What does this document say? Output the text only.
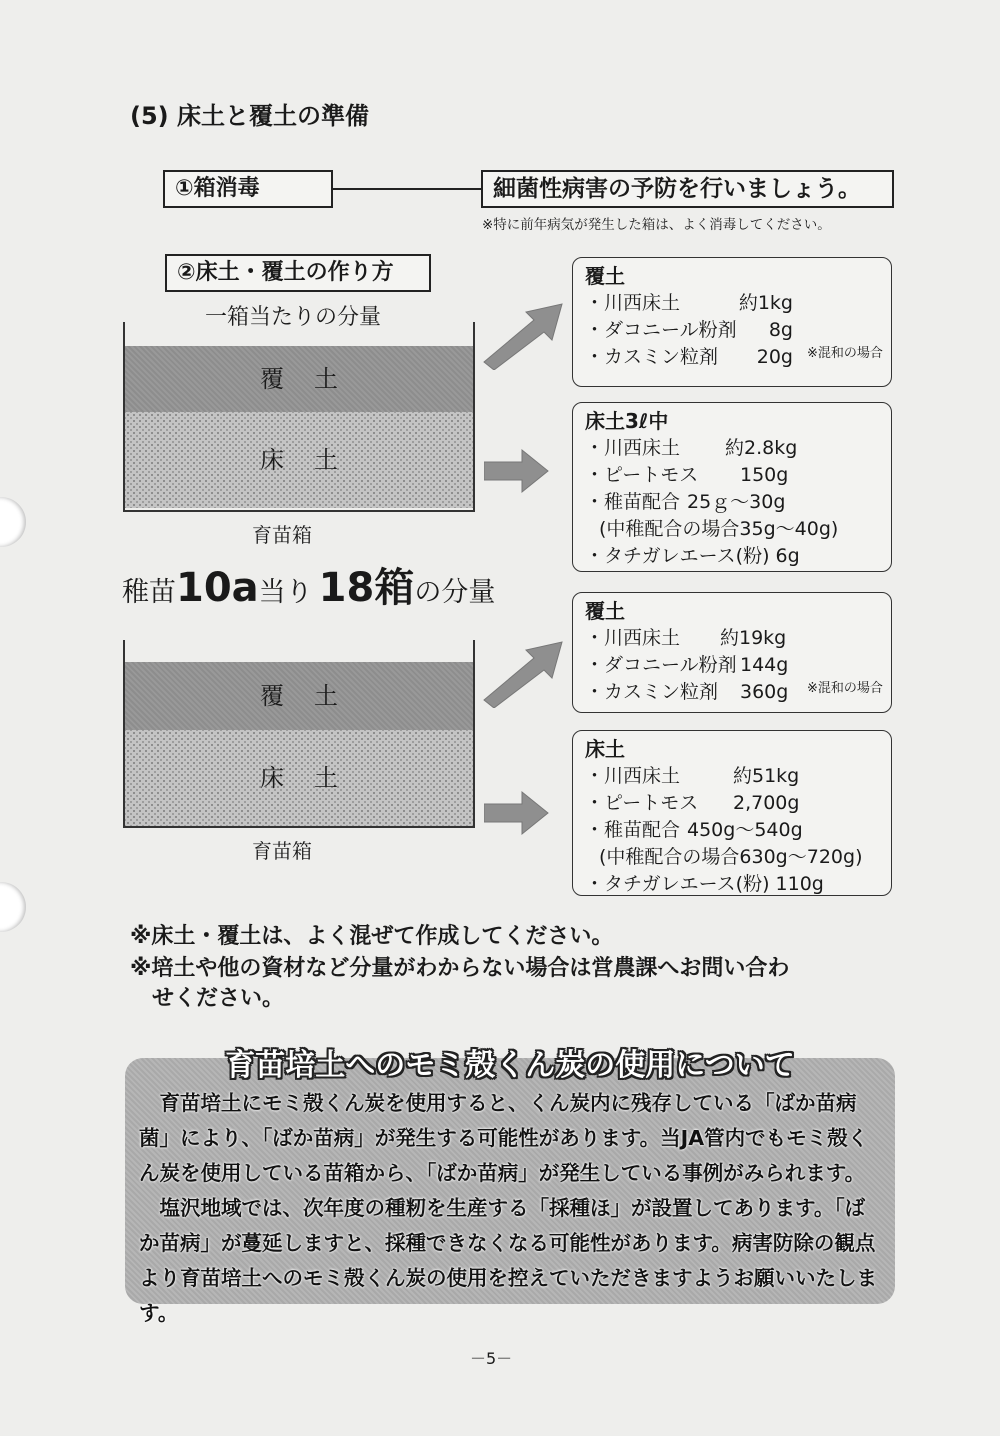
(5) 床土と覆土の準備
①箱消毒	細菌性病害の予防を行いましょう。
※特に前年病気が発生した箱は、よく消毒してください。
②床土・覆土の作り方
一箱当たりの分量
覆土
床土
育苗箱
覆土
・川西床土	約1kg
・ダコニール粉剤	8g
・カスミン粒剤	20g ※混和の場合
床土3ℓ中
・川西床土	約2.8kg
・ピートモス	150g
・稚苗配合 25ｇ～30g
(中稚配合の場合35g～40g)
・タチガレエース(粉) 6g
稚苗10a当り 18箱の分量
覆土
床土
育苗箱
覆土
・川西床土	約19kg
・ダコニール粉剤 144g
・カスミン粒剤	360g ※混和の場合
床土
・川西床土	約51kg
・ピートモス	2,700g
・稚苗配合 450g～540g
(中稚配合の場合630g～720g)
・タチガレエース(粉) 110g
※床土・覆土は、よく混ぜて作成してください。
※培土や他の資材など分量がわからない場合は営農課へお問い合わ
せください。
育苗培土へのモミ殻くん炭の使用について

育苗培土にモミ殻くん炭を使用すると、くん炭内に残存している「ばか苗病菌」により、「ばか苗病」が発生する可能性があります。当JA管内でもモミ殻くん炭を使用している苗箱から、「ばか苗病」が発生している事例がみられます。

塩沢地域では、次年度の種籾を生産する「採種ほ」が設置してあります。「ばか苗病」が蔓延しますと、採種できなくなる可能性があります。病害防除の観点より育苗培土へのモミ殻くん炭の使用を控えていただきますようお願いいたします。

－5－
